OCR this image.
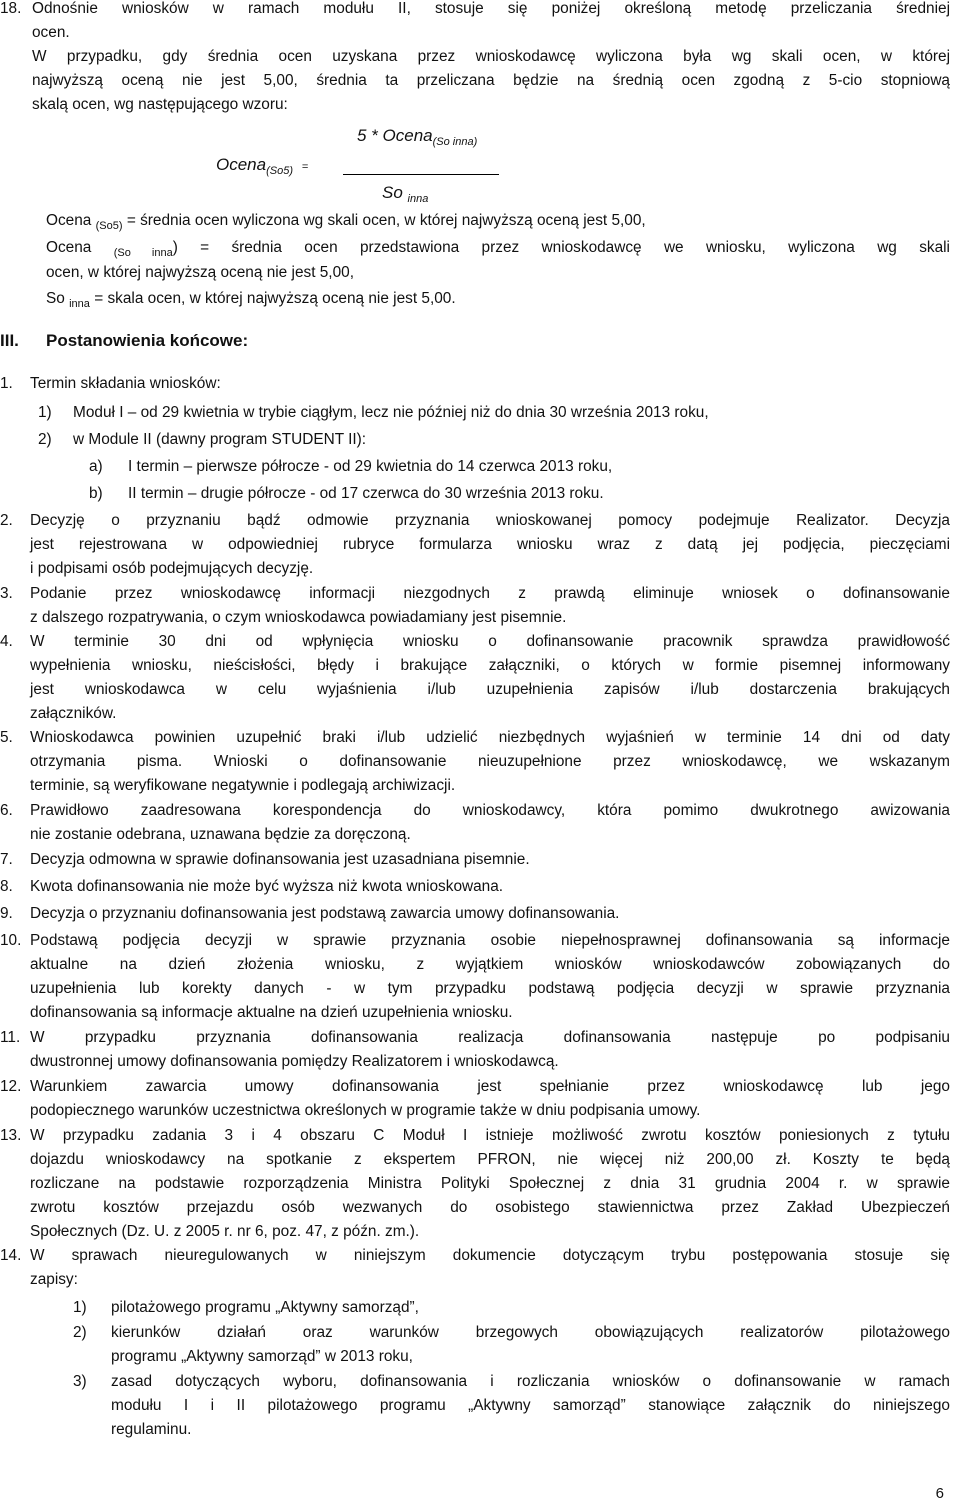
18. Odnośnie wniosków w ramach modułu II, stosuje się poniżej określoną metodę przeliczania średniej
ocen.
W przypadku, gdy średnia ocen uzyskana przez wnioskodawcę wyliczona była wg skali ocen, w której
najwyższą oceną nie jest 5,00, średnia ta przeliczana będzie na średnią ocen zgodną z 5-cio stopniową
skalą ocen, wg następującego wzoru:
5 * Ocena$_{(So inna)}$
Ocena$_{(So5)}$ =
So $_{inna}$
Ocena $_{(So5)}$ = średnia ocen wyliczona wg skali ocen, w której najwyższą oceną jest 5,00,
Ocena $_{(So inna}$) = średnia ocen przedstawiona przez wnioskodawcę we wniosku, wyliczona wg skali
ocen, w której najwyższą oceną nie jest 5,00,
So $_{inna}$ = skala ocen, w której najwyższą oceną nie jest 5,00.
III. Postanowienia końcowe:
1. Termin składania wniosków:
1) Moduł I – od 29 kwietnia w trybie ciągłym, lecz nie później niż do dnia 30 września 2013 roku,
2) w Module II (dawny program STUDENT II):
a) I termin – pierwsze półrocze - od 29 kwietnia do 14 czerwca 2013 roku,
b) II termin – drugie półrocze - od 17 czerwca do 30 września 2013 roku.
2. Decyzję o przyznaniu bądź odmowie przyznania wnioskowanej pomocy podejmuje Realizator. Decyzja
jest rejestrowana w odpowiedniej rubryce formularza wniosku wraz z datą jej podjęcia, pieczęciami
i podpisami osób podejmujących decyzję.
3. Podanie przez wnioskodawcę informacji niezgodnych z prawdą eliminuje wniosek o dofinansowanie
z dalszego rozpatrywania, o czym wnioskodawca powiadamiany jest pisemnie.
4. W terminie 30 dni od wpłynięcia wniosku o dofinansowanie pracownik sprawdza prawidłowość
wypełnienia wniosku, nieścisłości, błędy i brakujące załączniki, o których w formie pisemnej informowany
jest wnioskodawca w celu wyjaśnienia i/lub uzupełnienia zapisów i/lub dostarczenia brakujących
załączników.
5. Wnioskodawca powinien uzupełnić braki i/lub udzielić niezbędnych wyjaśnień w terminie 14 dni od daty
otrzymania pisma. Wnioski o dofinansowanie nieuzupełnione przez wnioskodawcę, we wskazanym
terminie, są weryfikowane negatywnie i podlegają archiwizacji.
6. Prawidłowo zaadresowana korespondencja do wnioskodawcy, która pomimo dwukrotnego awizowania
nie zostanie odebrana, uznawana będzie za doręczoną.
7. Decyzja odmowna w sprawie dofinansowania jest uzasadniana pisemnie.
8. Kwota dofinansowania nie może być wyższa niż kwota wnioskowana.
9. Decyzja o przyznaniu dofinansowania jest podstawą zawarcia umowy dofinansowania.
10. Podstawą podjęcia decyzji w sprawie przyznania osobie niepełnosprawnej dofinansowania są informacje
aktualne na dzień złożenia wniosku, z wyjątkiem wniosków wnioskodawców zobowiązanych do
uzupełnienia lub korekty danych - w tym przypadku podstawą podjęcia decyzji w sprawie przyznania
dofinansowania są informacje aktualne na dzień uzupełnienia wniosku.
11. W przypadku przyznania dofinansowania realizacja dofinansowania następuje po podpisaniu
dwustronnej umowy dofinansowania pomiędzy Realizatorem i wnioskodawcą.
12. Warunkiem zawarcia umowy dofinansowania jest spełnianie przez wnioskodawcę lub jego
podopiecznego warunków uczestnictwa określonych w programie także w dniu podpisania umowy.
13. W przypadku zadania 3 i 4 obszaru C Moduł I istnieje możliwość zwrotu kosztów poniesionych z tytułu
dojazdu wnioskodawcy na spotkanie z ekspertem PFRON, nie więcej niż 200,00 zł. Koszty te będą
rozliczane na podstawie rozporządzenia Ministra Polityki Społecznej z dnia 31 grudnia 2004 r. w sprawie
zwrotu kosztów przejazdu osób wezwanych do osobistego stawiennictwa przez Zakład Ubezpieczeń
Społecznych (Dz. U. z 2005 r. nr 6, poz. 47, z późn. zm.).
14. W sprawach nieuregulowanych w niniejszym dokumencie dotyczącym trybu postępowania stosuje się
zapisy:
1) pilotażowego programu „Aktywny samorząd”,
2) kierunków działań oraz warunków brzegowych obowiązujących realizatorów pilotażowego
programu „Aktywny samorząd” w 2013 roku,
3) zasad dotyczących wyboru, dofinansowania i rozliczania wniosków o dofinansowanie w ramach
modułu I i II pilotażowego programu „Aktywny samorząd” stanowiące załącznik do niniejszego
regulaminu.
6
